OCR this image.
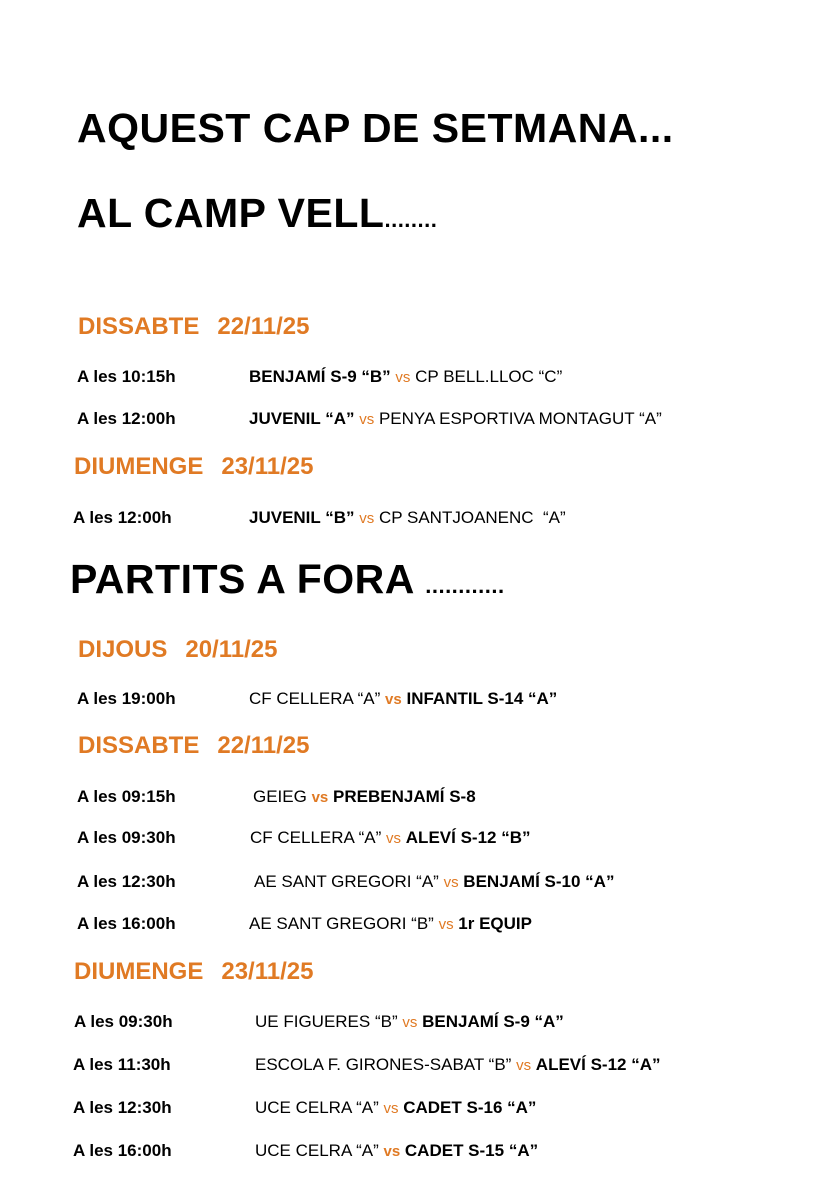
AQUEST CAP DE SETMANA...
AL CAMP VELL........
DISSABTE 22/11/25
A les 10:15h	BENJAMÍ S-9 “B” vs CP BELL.LLOC “C”
A les 12:00h	JUVENIL “A” vs PENYA ESPORTIVA MONTAGUT “A”
DIUMENGE 23/11/25
A les 12:00h	JUVENIL “B” vs CP SANTJOANENC  “A”
PARTITS A FORA ............
DIJOUS 20/11/25
A les 19:00h	CF CELLERA “A” vs INFANTIL S-14 “A”
DISSABTE 22/11/25
A les 09:15h	GEIEG vs PREBENJAMÍ S-8
A les 09:30h	CF CELLERA “A” vs ALEVÍ S-12 “B”
A les 12:30h	AE SANT GREGORI “A” vs BENJAMÍ S-10 “A”
A les 16:00h	AE SANT GREGORI “B” vs 1r EQUIP
DIUMENGE 23/11/25
A les 09:30h	UE FIGUERES “B” vs BENJAMÍ S-9 “A”
A les 11:30h	ESCOLA F. GIRONES-SABAT “B” vs ALEVÍ S-12 “A”
A les 12:30h	UCE CELRA “A” vs CADET S-16 “A”
A les 16:00h	UCE CELRA “A” vs CADET S-15 “A”
